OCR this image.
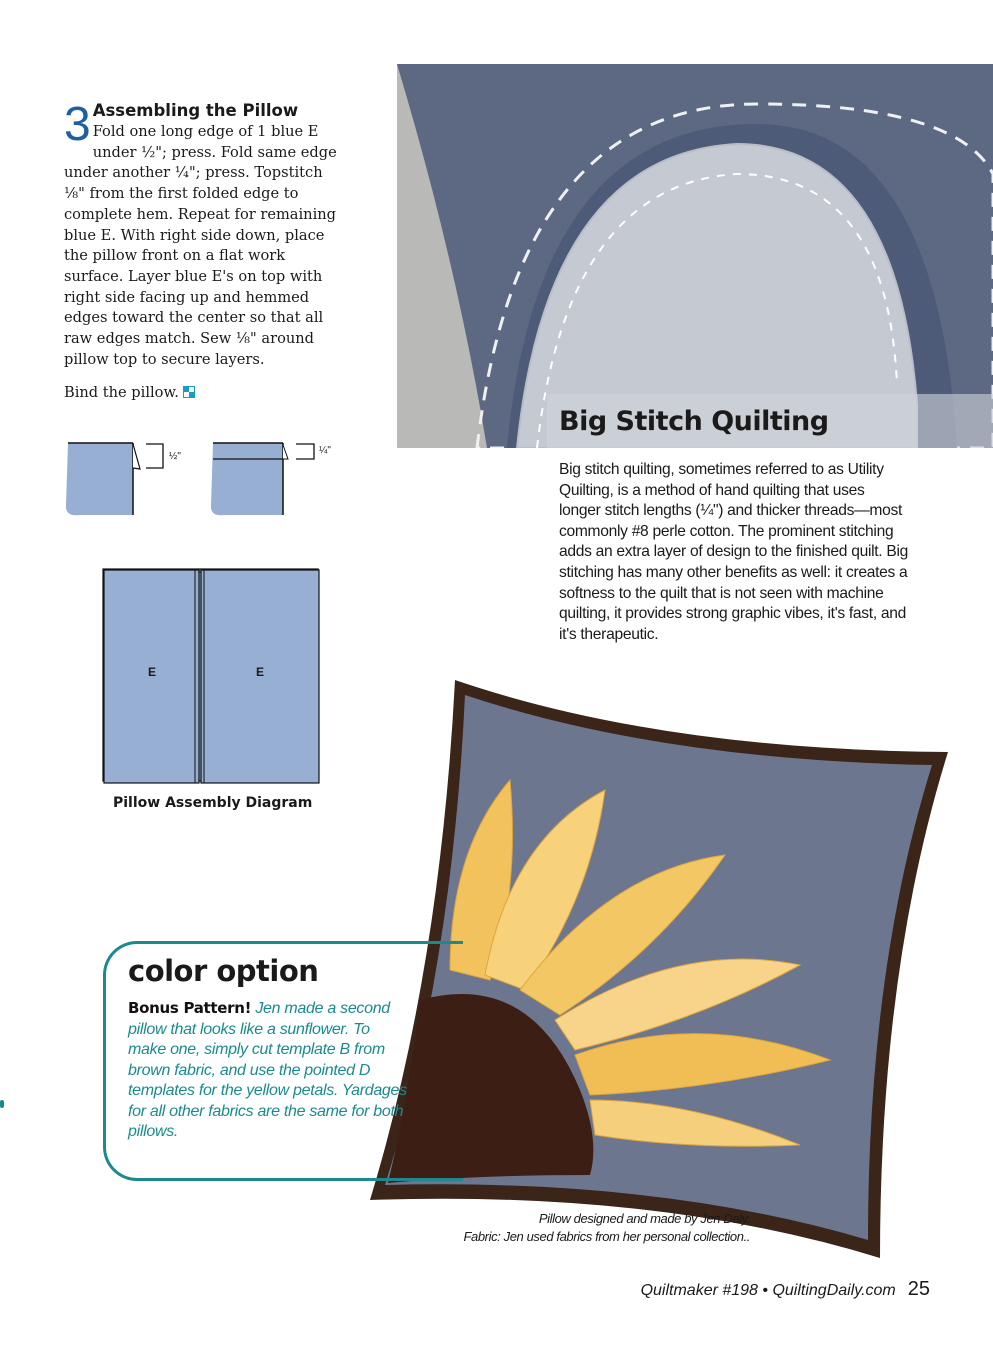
3 Assembling the Pillow

Fold one long edge of 1 blue E under ½"; press. Fold same edge under another ¼"; press. Topstitch ⅛" from the first folded edge to complete hem. Repeat for remaining blue E. With right side down, place the pillow front on a flat work surface. Layer blue E's on top with right side facing up and hemmed edges toward the center so that all raw edges match. Sew ⅛" around pillow top to secure layers.

Bind the pillow.
½"
¼"
E	E
Pillow Assembly Diagram
Big Stitch Quilting
Big stitch quilting, sometimes referred to as Utility Quilting, is a method of hand quilting that uses longer stitch lengths (¼") and thicker threads—most commonly #8 perle cotton. The prominent stitching adds an extra layer of design to the finished quilt. Big stitching has many other benefits as well: it creates a softness to the quilt that is not seen with machine quilting, it provides strong graphic vibes, it's fast, and it's therapeutic.
color option
Bonus Pattern! Jen made a second pillow that looks like a sunflower. To make one, simply cut template B from brown fabric, and use the pointed D templates for the yellow petals. Yardages for all other fabrics are the same for both pillows.
Pillow designed and made by Jen Daly.
Fabric: Jen used fabrics from her personal collection..
Quiltmaker #198 • QuiltingDaily.com 25
